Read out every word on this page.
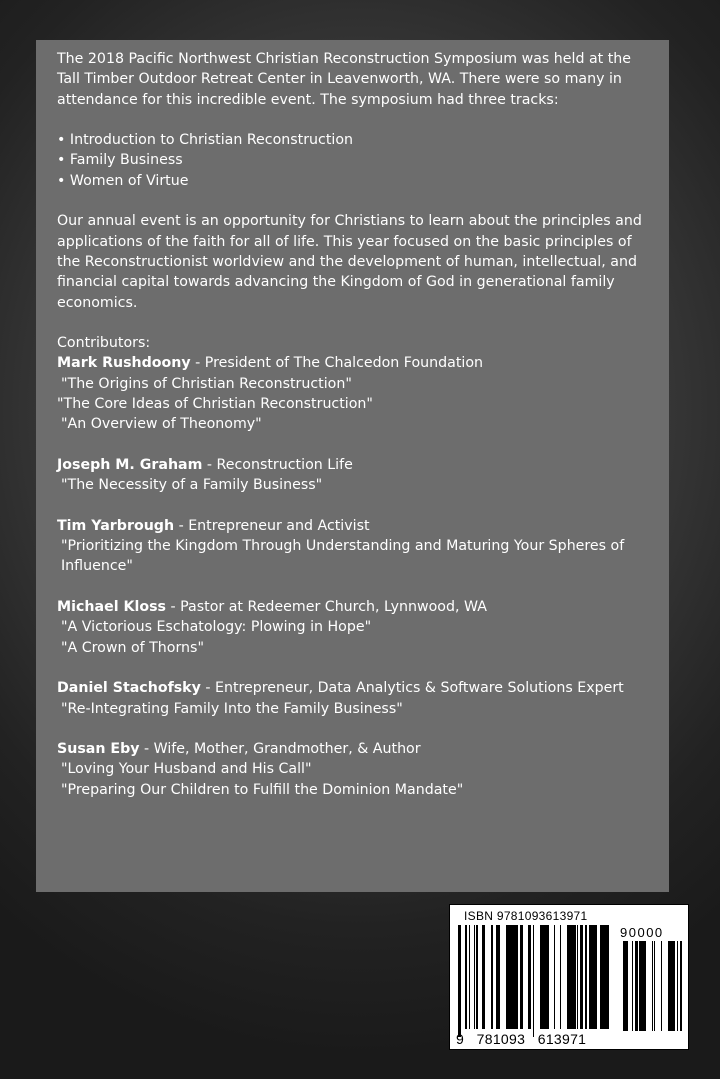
The 2018 Pacific Northwest Christian Reconstruction Symposium was held at the Tall Timber Outdoor Retreat Center in Leavenworth, WA. There were so many in attendance for this incredible event. The symposium had three tracks:

• Introduction to Christian Reconstruction
• Family Business
• Women of Virtue

Our annual event is an opportunity for Christians to learn about the principles and applications of the faith for all of life. This year focused on the basic principles of the Reconstructionist worldview and the development of human, intellectual, and financial capital towards advancing the Kingdom of God in generational family economics.

Contributors:

Mark Rushdoony - President of The Chalcedon Foundation

"The Origins of Christian Reconstruction"

"The Core Ideas of Christian Reconstruction"

"An Overview of Theonomy"

Joseph M. Graham - Reconstruction Life

"The Necessity of a Family Business"

Tim Yarbrough - Entrepreneur and Activist

"Prioritizing the Kingdom Through Understanding and Maturing Your Spheres of Influence"

Michael Kloss - Pastor at Redeemer Church, Lynnwood, WA

"A Victorious Eschatology: Plowing in Hope"

"A Crown of Thorns"

Daniel Stachofsky - Entrepreneur, Data Analytics & Software Solutions Expert

"Re-Integrating Family Into the Family Business"

Susan Eby - Wife, Mother, Grandmother, & Author

"Loving Your Husband and His Call"

"Preparing Our Children to Fulfill the Dominion Mandate"

ISBN 9781093613971
90000
9   781093   613971
